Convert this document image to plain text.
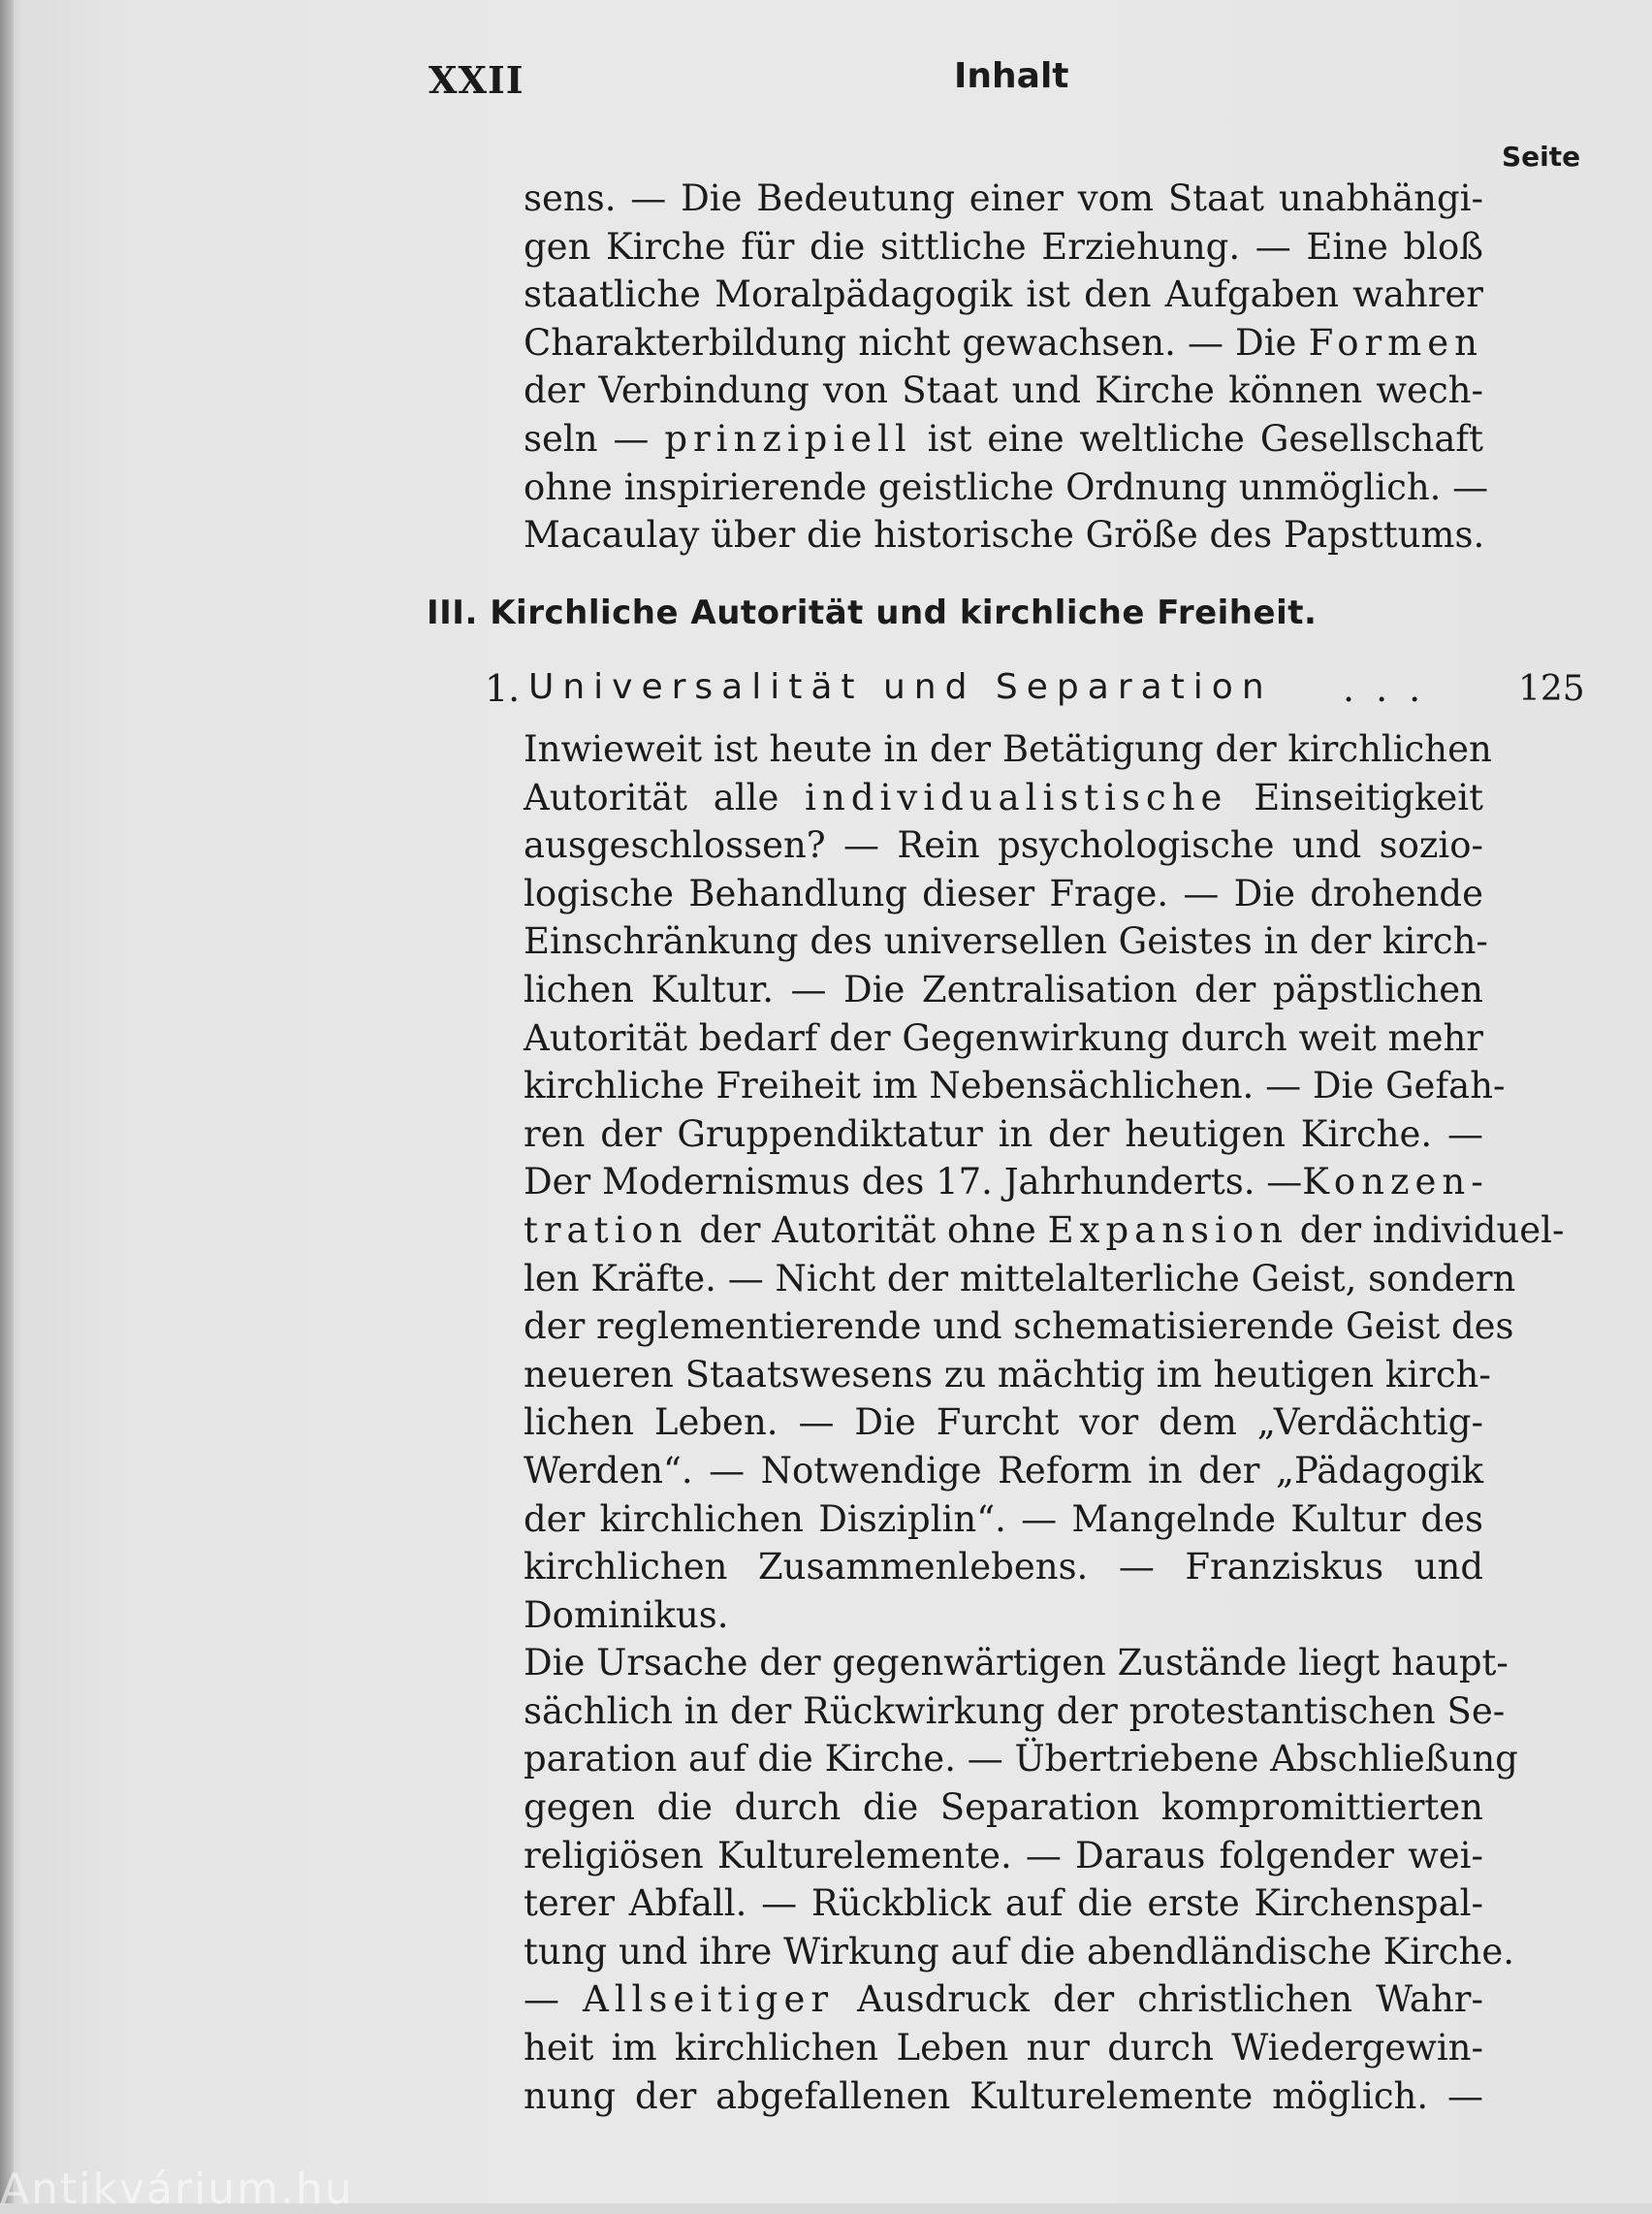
XXII	Inhalt
Seite
sens. — Die Bedeutung einer vom Staat unabhängi-
gen Kirche für die sittliche Erziehung. — Eine bloß
staatliche Moralpädagogik ist den Aufgaben wahrer
Charakterbildung nicht gewachsen. — Die Formen
der Verbindung von Staat und Kirche können wech-
seln — prinzipiell ist eine weltliche Gesellschaft
ohne inspirierende geistliche Ordnung unmöglich. —
Macaulay über die historische Größe des Papsttums.
III. Kirchliche Autorität und kirchliche Freiheit.
1. Universalität und Separation ... 125
Inwieweit ist heute in der Betätigung der kirchlichen
Autorität alle individualistische Einseitigkeit
ausgeschlossen? — Rein psychologische und sozio-
logische Behandlung dieser Frage. — Die drohende
Einschränkung des universellen Geistes in der kirch-
lichen Kultur. — Die Zentralisation der päpstlichen
Autorität bedarf der Gegenwirkung durch weit mehr
kirchliche Freiheit im Nebensächlichen. — Die Gefah-
ren der Gruppendiktatur in der heutigen Kirche. —
Der Modernismus des 17. Jahrhunderts. —Konzen-
tration der Autorität ohne Expansion der individuel-
len Kräfte. — Nicht der mittelalterliche Geist, sondern
der reglementierende und schematisierende Geist des
neueren Staatswesens zu mächtig im heutigen kirch-
lichen Leben. — Die Furcht vor dem „Verdächtig-
Werden“. — Notwendige Reform in der „Pädagogik
der kirchlichen Disziplin“. — Mangelnde Kultur des
kirchlichen Zusammenlebens. — Franziskus und
Dominikus.
Die Ursache der gegenwärtigen Zustände liegt haupt-
sächlich in der Rückwirkung der protestantischen Se-
paration auf die Kirche. — Übertriebene Abschließung
gegen die durch die Separation kompromittierten
religiösen Kulturelemente. — Daraus folgender wei-
terer Abfall. — Rückblick auf die erste Kirchenspal-
tung und ihre Wirkung auf die abendländische Kirche.
— Allseitiger Ausdruck der christlichen Wahr-
heit im kirchlichen Leben nur durch Wiedergewin-
nung der abgefallenen Kulturelemente möglich. —
Antikvárium.hu
